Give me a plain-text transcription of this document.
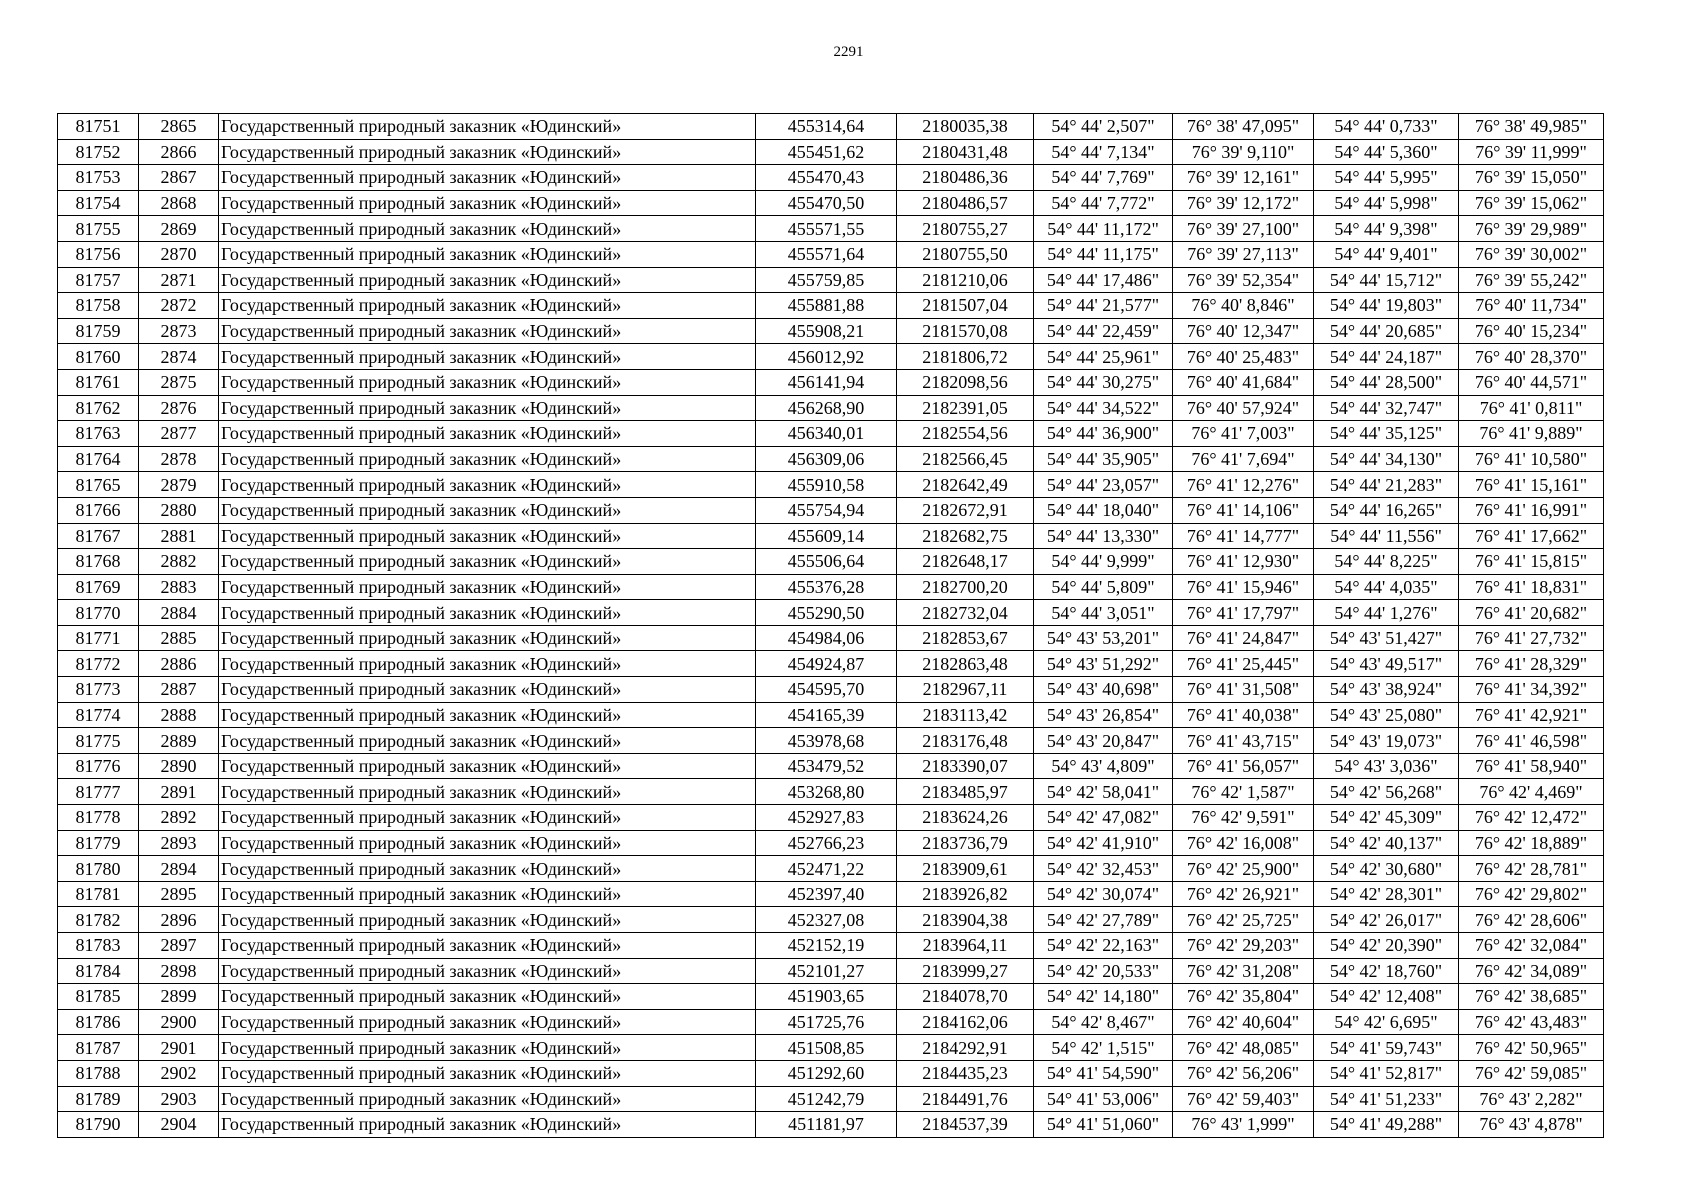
2291
81751	2865	Государственный природный заказник «Юдинский»	455314,64	2180035,38	54° 44' 2,507"	76° 38' 47,095"	54° 44' 0,733"	76° 38' 49,985"
81752	2866	Государственный природный заказник «Юдинский»	455451,62	2180431,48	54° 44' 7,134"	76° 39' 9,110"	54° 44' 5,360"	76° 39' 11,999"
81753	2867	Государственный природный заказник «Юдинский»	455470,43	2180486,36	54° 44' 7,769"	76° 39' 12,161"	54° 44' 5,995"	76° 39' 15,050"
81754	2868	Государственный природный заказник «Юдинский»	455470,50	2180486,57	54° 44' 7,772"	76° 39' 12,172"	54° 44' 5,998"	76° 39' 15,062"
81755	2869	Государственный природный заказник «Юдинский»	455571,55	2180755,27	54° 44' 11,172"	76° 39' 27,100"	54° 44' 9,398"	76° 39' 29,989"
81756	2870	Государственный природный заказник «Юдинский»	455571,64	2180755,50	54° 44' 11,175"	76° 39' 27,113"	54° 44' 9,401"	76° 39' 30,002"
81757	2871	Государственный природный заказник «Юдинский»	455759,85	2181210,06	54° 44' 17,486"	76° 39' 52,354"	54° 44' 15,712"	76° 39' 55,242"
81758	2872	Государственный природный заказник «Юдинский»	455881,88	2181507,04	54° 44' 21,577"	76° 40' 8,846"	54° 44' 19,803"	76° 40' 11,734"
81759	2873	Государственный природный заказник «Юдинский»	455908,21	2181570,08	54° 44' 22,459"	76° 40' 12,347"	54° 44' 20,685"	76° 40' 15,234"
81760	2874	Государственный природный заказник «Юдинский»	456012,92	2181806,72	54° 44' 25,961"	76° 40' 25,483"	54° 44' 24,187"	76° 40' 28,370"
81761	2875	Государственный природный заказник «Юдинский»	456141,94	2182098,56	54° 44' 30,275"	76° 40' 41,684"	54° 44' 28,500"	76° 40' 44,571"
81762	2876	Государственный природный заказник «Юдинский»	456268,90	2182391,05	54° 44' 34,522"	76° 40' 57,924"	54° 44' 32,747"	76° 41' 0,811"
81763	2877	Государственный природный заказник «Юдинский»	456340,01	2182554,56	54° 44' 36,900"	76° 41' 7,003"	54° 44' 35,125"	76° 41' 9,889"
81764	2878	Государственный природный заказник «Юдинский»	456309,06	2182566,45	54° 44' 35,905"	76° 41' 7,694"	54° 44' 34,130"	76° 41' 10,580"
81765	2879	Государственный природный заказник «Юдинский»	455910,58	2182642,49	54° 44' 23,057"	76° 41' 12,276"	54° 44' 21,283"	76° 41' 15,161"
81766	2880	Государственный природный заказник «Юдинский»	455754,94	2182672,91	54° 44' 18,040"	76° 41' 14,106"	54° 44' 16,265"	76° 41' 16,991"
81767	2881	Государственный природный заказник «Юдинский»	455609,14	2182682,75	54° 44' 13,330"	76° 41' 14,777"	54° 44' 11,556"	76° 41' 17,662"
81768	2882	Государственный природный заказник «Юдинский»	455506,64	2182648,17	54° 44' 9,999"	76° 41' 12,930"	54° 44' 8,225"	76° 41' 15,815"
81769	2883	Государственный природный заказник «Юдинский»	455376,28	2182700,20	54° 44' 5,809"	76° 41' 15,946"	54° 44' 4,035"	76° 41' 18,831"
81770	2884	Государственный природный заказник «Юдинский»	455290,50	2182732,04	54° 44' 3,051"	76° 41' 17,797"	54° 44' 1,276"	76° 41' 20,682"
81771	2885	Государственный природный заказник «Юдинский»	454984,06	2182853,67	54° 43' 53,201"	76° 41' 24,847"	54° 43' 51,427"	76° 41' 27,732"
81772	2886	Государственный природный заказник «Юдинский»	454924,87	2182863,48	54° 43' 51,292"	76° 41' 25,445"	54° 43' 49,517"	76° 41' 28,329"
81773	2887	Государственный природный заказник «Юдинский»	454595,70	2182967,11	54° 43' 40,698"	76° 41' 31,508"	54° 43' 38,924"	76° 41' 34,392"
81774	2888	Государственный природный заказник «Юдинский»	454165,39	2183113,42	54° 43' 26,854"	76° 41' 40,038"	54° 43' 25,080"	76° 41' 42,921"
81775	2889	Государственный природный заказник «Юдинский»	453978,68	2183176,48	54° 43' 20,847"	76° 41' 43,715"	54° 43' 19,073"	76° 41' 46,598"
81776	2890	Государственный природный заказник «Юдинский»	453479,52	2183390,07	54° 43' 4,809"	76° 41' 56,057"	54° 43' 3,036"	76° 41' 58,940"
81777	2891	Государственный природный заказник «Юдинский»	453268,80	2183485,97	54° 42' 58,041"	76° 42' 1,587"	54° 42' 56,268"	76° 42' 4,469"
81778	2892	Государственный природный заказник «Юдинский»	452927,83	2183624,26	54° 42' 47,082"	76° 42' 9,591"	54° 42' 45,309"	76° 42' 12,472"
81779	2893	Государственный природный заказник «Юдинский»	452766,23	2183736,79	54° 42' 41,910"	76° 42' 16,008"	54° 42' 40,137"	76° 42' 18,889"
81780	2894	Государственный природный заказник «Юдинский»	452471,22	2183909,61	54° 42' 32,453"	76° 42' 25,900"	54° 42' 30,680"	76° 42' 28,781"
81781	2895	Государственный природный заказник «Юдинский»	452397,40	2183926,82	54° 42' 30,074"	76° 42' 26,921"	54° 42' 28,301"	76° 42' 29,802"
81782	2896	Государственный природный заказник «Юдинский»	452327,08	2183904,38	54° 42' 27,789"	76° 42' 25,725"	54° 42' 26,017"	76° 42' 28,606"
81783	2897	Государственный природный заказник «Юдинский»	452152,19	2183964,11	54° 42' 22,163"	76° 42' 29,203"	54° 42' 20,390"	76° 42' 32,084"
81784	2898	Государственный природный заказник «Юдинский»	452101,27	2183999,27	54° 42' 20,533"	76° 42' 31,208"	54° 42' 18,760"	76° 42' 34,089"
81785	2899	Государственный природный заказник «Юдинский»	451903,65	2184078,70	54° 42' 14,180"	76° 42' 35,804"	54° 42' 12,408"	76° 42' 38,685"
81786	2900	Государственный природный заказник «Юдинский»	451725,76	2184162,06	54° 42' 8,467"	76° 42' 40,604"	54° 42' 6,695"	76° 42' 43,483"
81787	2901	Государственный природный заказник «Юдинский»	451508,85	2184292,91	54° 42' 1,515"	76° 42' 48,085"	54° 41' 59,743"	76° 42' 50,965"
81788	2902	Государственный природный заказник «Юдинский»	451292,60	2184435,23	54° 41' 54,590"	76° 42' 56,206"	54° 41' 52,817"	76° 42' 59,085"
81789	2903	Государственный природный заказник «Юдинский»	451242,79	2184491,76	54° 41' 53,006"	76° 42' 59,403"	54° 41' 51,233"	76° 43' 2,282"
81790	2904	Государственный природный заказник «Юдинский»	451181,97	2184537,39	54° 41' 51,060"	76° 43' 1,999"	54° 41' 49,288"	76° 43' 4,878"
